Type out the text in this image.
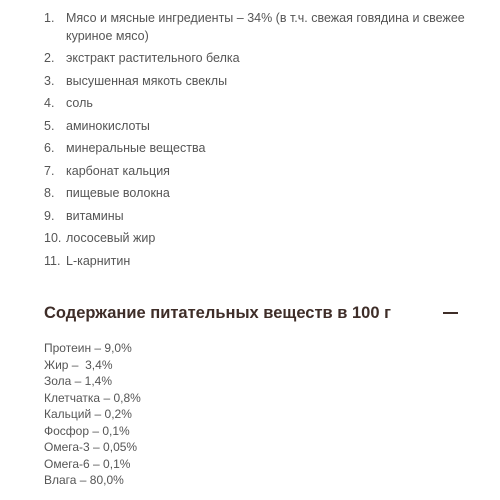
1. Мясо и мясные ингредиенты – 34% (в т.ч. свежая говядина и свежее куриное мясо)
2. экстракт растительного белка
3. высушенная мякоть свеклы
4. соль
5. аминокислоты
6. минеральные вещества
7. карбонат кальция
8. пищевые волокна
9. витамины
10. лососевый жир
11. L-карнитин
Содержание питательных веществ в 100 г
Протеин – 9,0%
Жир –  3,4%
Зола – 1,4%
Клетчатка – 0,8%
Кальций – 0,2%
Фосфор – 0,1%
Омега-3 – 0,05%
Омега-6 – 0,1%
Влага – 80,0%
